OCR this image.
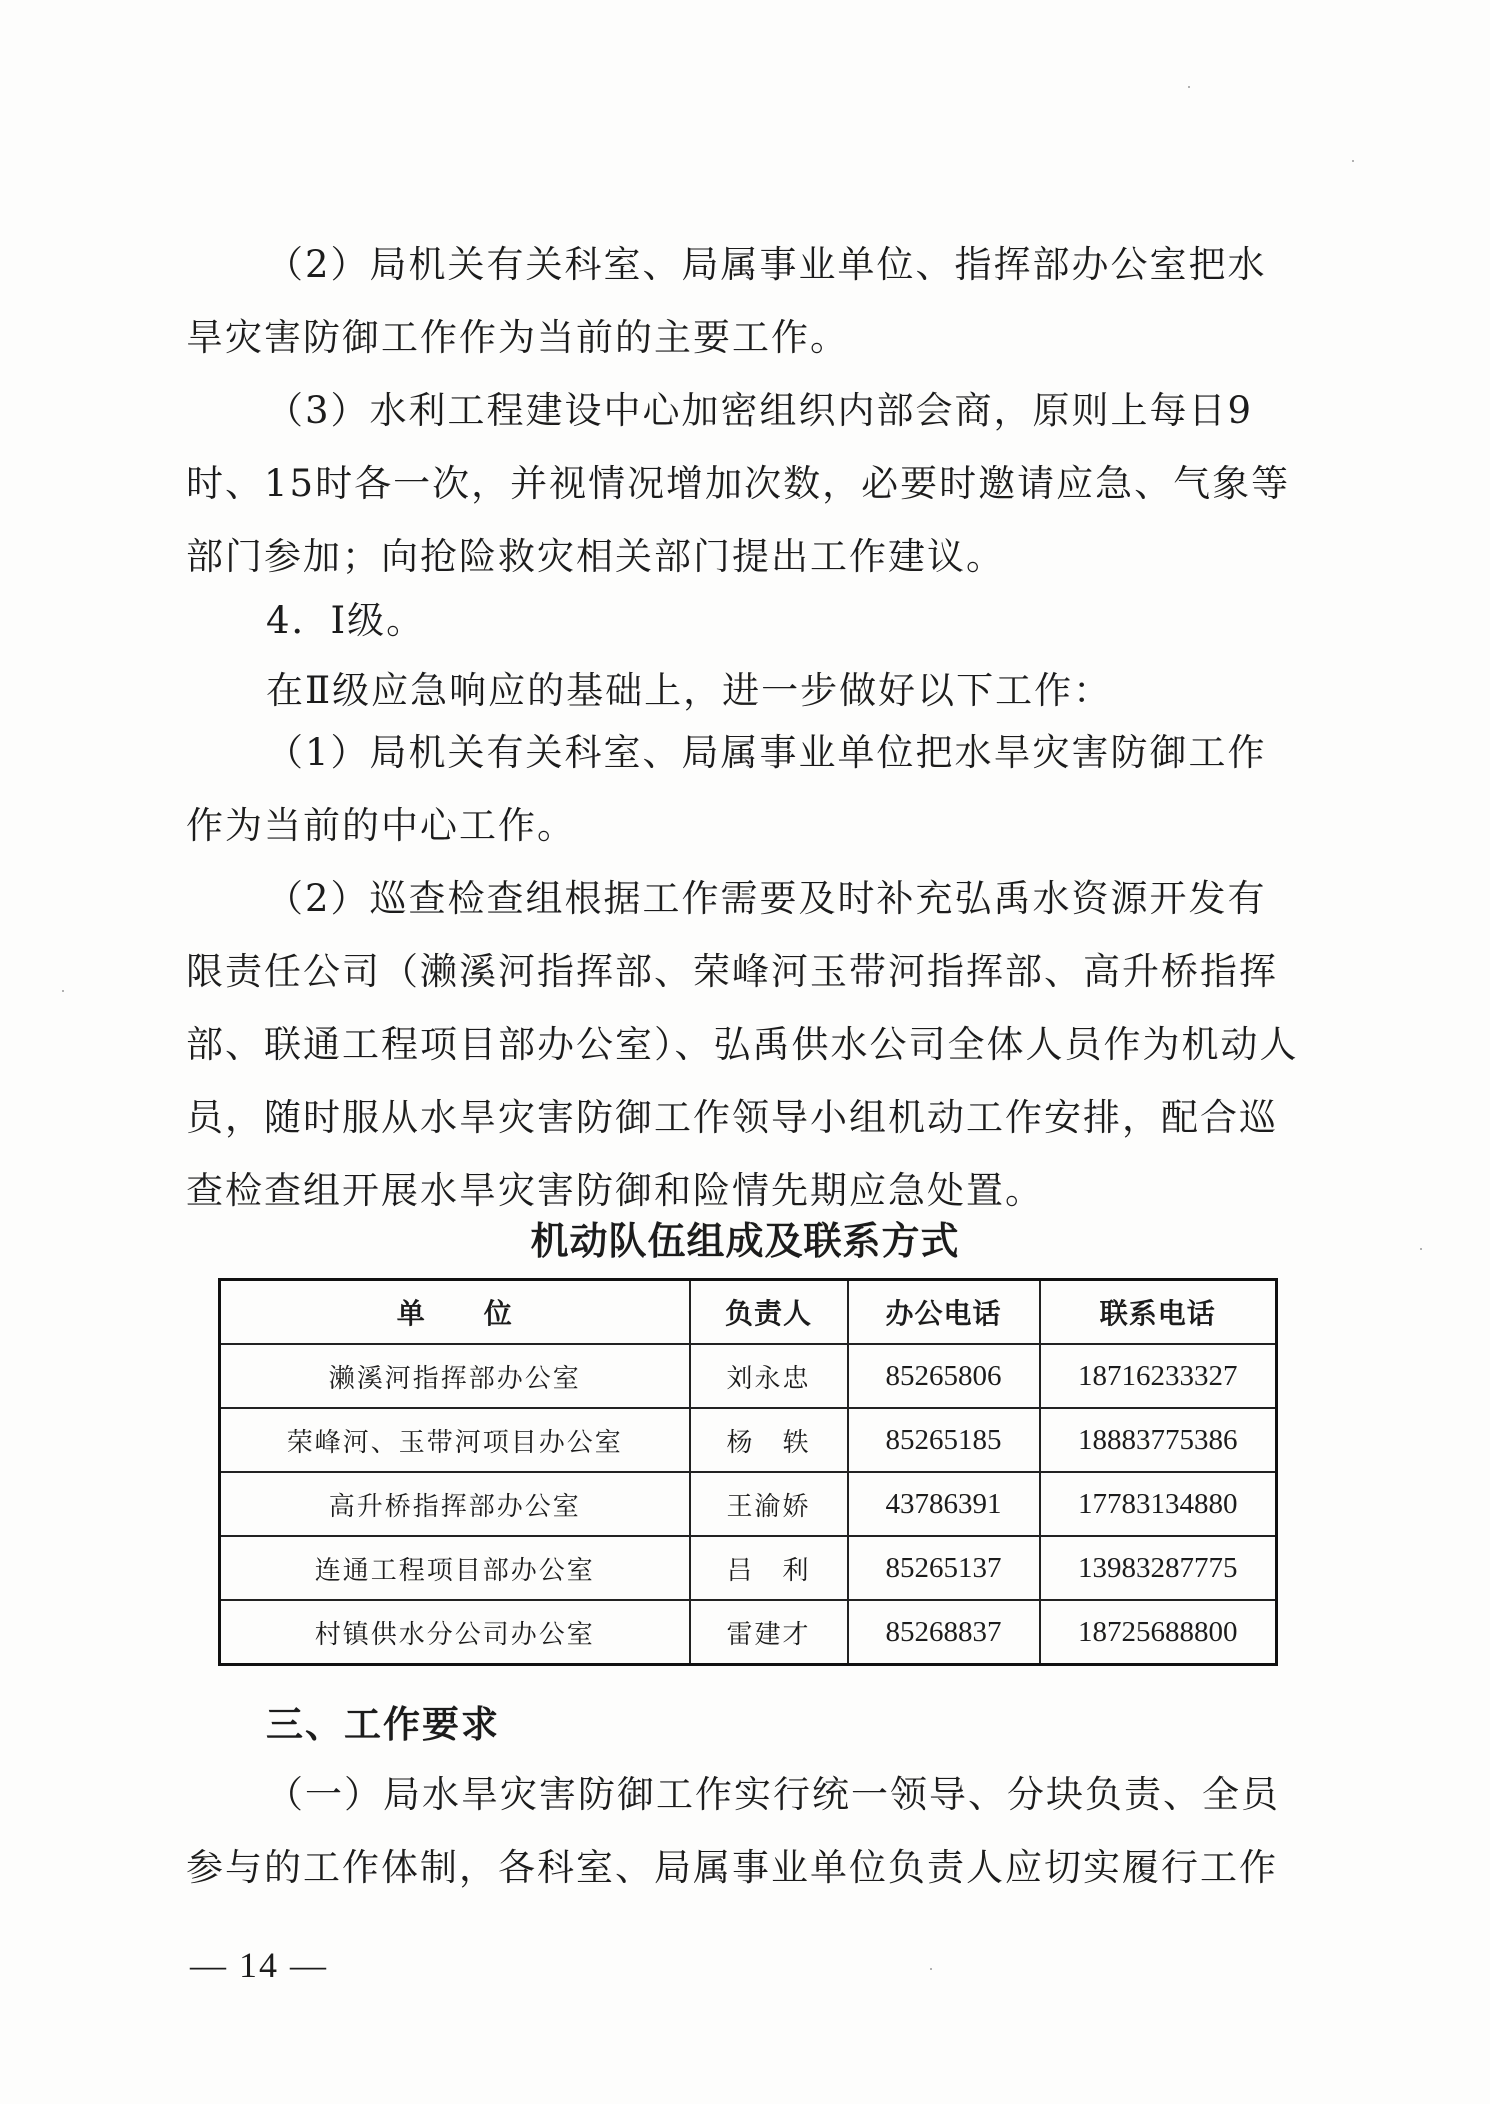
（2）局机关有关科室、局属事业单位、指挥部办公室把水旱灾害防御工作作为当前的主要工作。

（3）水利工程建设中心加密组织内部会商，原则上每日9时、15时各一次，并视情况增加次数，必要时邀请应急、气象等部门参加；向抢险救灾相关部门提出工作建议。

4．Ⅰ级。

在Ⅱ级应急响应的基础上，进一步做好以下工作：

（1）局机关有关科室、局属事业单位把水旱灾害防御工作作为当前的中心工作。

（2）巡查检查组根据工作需要及时补充弘禹水资源开发有限责任公司（濑溪河指挥部、荣峰河玉带河指挥部、高升桥指挥部、联通工程项目部办公室）、弘禹供水公司全体人员作为机动人员，随时服从水旱灾害防御工作领导小组机动工作安排，配合巡查检查组开展水旱灾害防御和险情先期应急处置。

机动队伍组成及联系方式
单　　位	负责人	办公电话	联系电话
濑溪河指挥部办公室	刘永忠	85265806	18716233327
荣峰河、玉带河项目办公室	杨　轶	85265185	18883775386
高升桥指挥部办公室	王渝娇	43786391	17783134880
连通工程项目部办公室	吕　利	85265137	13983287775
村镇供水分公司办公室	雷建才	85268837	18725688800
三、工作要求

（一）局水旱灾害防御工作实行统一领导、分块负责、全员参与的工作体制，各科室、局属事业单位负责人应切实履行工作

— 14 —
